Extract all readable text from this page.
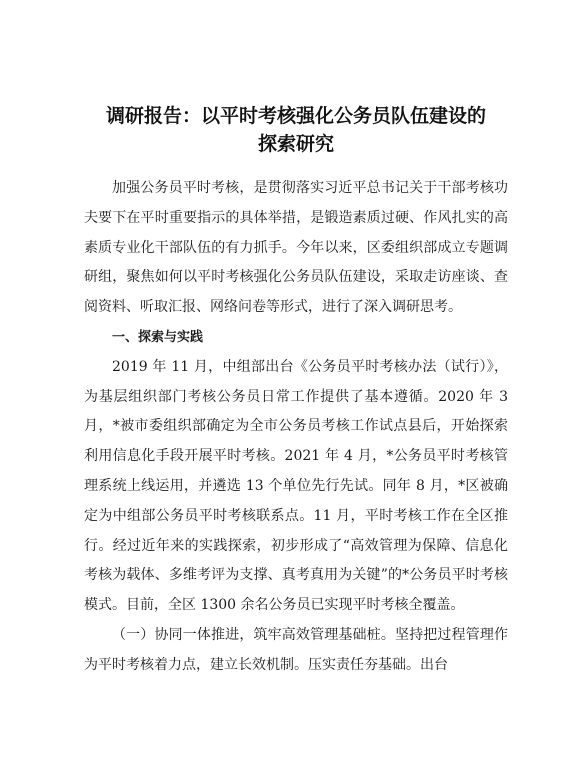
调研报告：以平时考核强化公务员队伍建设的
探索研究

加强公务员平时考核，是贯彻落实习近平总书记关于干部考核功夫要下在平时重要指示的具体举措，是锻造素质过硬、作风扎实的高素质专业化干部队伍的有力抓手。今年以来，区委组织部成立专题调研组，聚焦如何以平时考核强化公务员队伍建设，采取走访座谈、查阅资料、听取汇报、网络问卷等形式，进行了深入调研思考。

一、探索与实践

2019 年 11 月，中组部出台《公务员平时考核办法（试行）》，为基层组织部门考核公务员日常工作提供了基本遵循。2020 年 3 月，*被市委组织部确定为全市公务员考核工作试点县后，开始探索利用信息化手段开展平时考核。2021 年 4 月，*公务员平时考核管理系统上线运用，并遴选 13 个单位先行先试。同年 8 月，*区被确定为中组部公务员平时考核联系点。11 月，平时考核工作在全区推行。经过近年来的实践探索，初步形成了“高效管理为保障、信息化考核为载体、多维考评为支撑、真考真用为关键”的*公务员平时考核模式。目前，全区 1300 余名公务员已实现平时考核全覆盖。

（一）协同一体推进，筑牢高效管理基础桩。坚持把过程管理作为平时考核着力点，建立长效机制。压实责任夯基础。出台
